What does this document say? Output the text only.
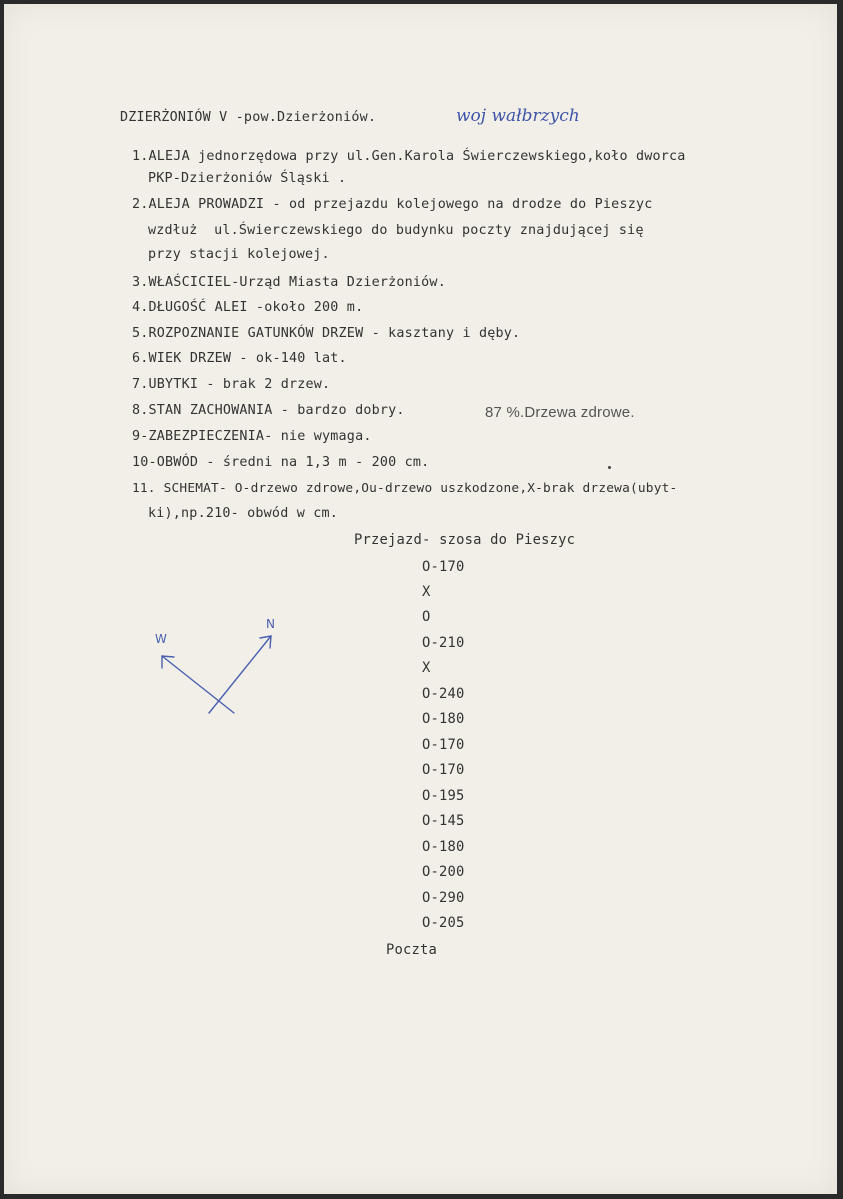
DZIERŻONIÓW V -pow.Dzierżoniów.	woj wałbrzych
1.ALEJA jednorzędowa przy ul.Gen.Karola Świerczewskiego,koło dworca
PKP-Dzierżoniów Śląski .
2.ALEJA PROWADZI - od przejazdu kolejowego na drodze do Pieszyc
wzdłuż  ul.Świerczewskiego do budynku poczty znajdującej się
przy stacji kolejowej.
3.WŁAŚCICIEL-Urząd Miasta Dzierżoniów.
4.DŁUGOŚĆ ALEI -około 200 m.
5.ROZPOZNANIE GATUNKÓW DRZEW - kasztany i dęby.
6.WIEK DRZEW - ok-140 lat.
7.UBYTKI - brak 2 drzew.
8.STAN ZACHOWANIA - bardzo dobry.	87 %.Drzewa zdrowe.
9-ZABEZPIECZENIA- nie wymaga.
10-OBWÓD - średni na 1,3 m - 200 cm.
11. SCHEMAT- O-drzewo zdrowe,Ou-drzewo uszkodzone,X-brak drzewa(ubyt-
ki),np.210- obwód w cm.
Przejazd- szosa do Pieszyc
O-170
X
O
O-210
X
O-240
O-180
O-170
O-170
O-195
O-145
O-180
O-200
O-290
O-205
Poczta
W
N
